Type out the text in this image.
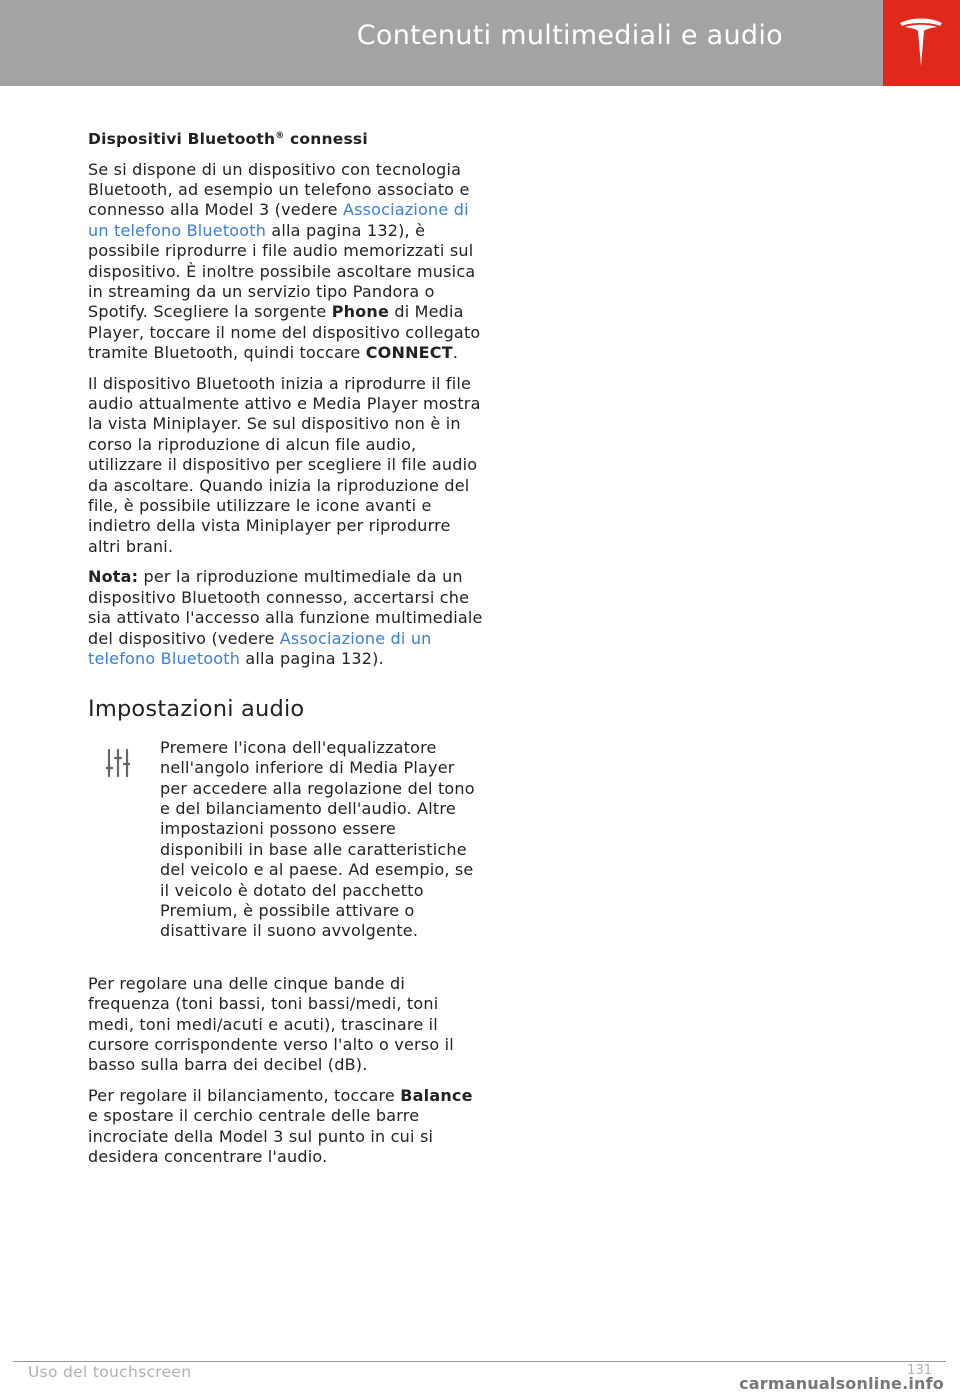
Contenuti multimediali e audio

Dispositivi Bluetooth® connessi

Se si dispone di un dispositivo con tecnologia Bluetooth, ad esempio un telefono associato e connesso alla Model 3 (vedere Associazione di un telefono Bluetooth alla pagina 132), è possibile riprodurre i file audio memorizzati sul dispositivo. È inoltre possibile ascoltare musica in streaming da un servizio tipo Pandora o Spotify. Scegliere la sorgente Phone di Media Player, toccare il nome del dispositivo collegato tramite Bluetooth, quindi toccare CONNECT.

Il dispositivo Bluetooth inizia a riprodurre il file audio attualmente attivo e Media Player mostra la vista Miniplayer. Se sul dispositivo non è in corso la riproduzione di alcun file audio, utilizzare il dispositivo per scegliere il file audio da ascoltare. Quando inizia la riproduzione del file, è possibile utilizzare le icone avanti e indietro della vista Miniplayer per riprodurre altri brani.

Nota: per la riproduzione multimediale da un dispositivo Bluetooth connesso, accertarsi che sia attivato l'accesso alla funzione multimediale del dispositivo (vedere Associazione di un telefono Bluetooth alla pagina 132).

Impostazioni audio

Premere l'icona dell'equalizzatore nell'angolo inferiore di Media Player per accedere alla regolazione del tono e del bilanciamento dell'audio. Altre impostazioni possono essere disponibili in base alle caratteristiche del veicolo e al paese. Ad esempio, se il veicolo è dotato del pacchetto Premium, è possibile attivare o disattivare il suono avvolgente.

Per regolare una delle cinque bande di frequenza (toni bassi, toni bassi/medi, toni medi, toni medi/acuti e acuti), trascinare il cursore corrispondente verso l'alto o verso il basso sulla barra dei decibel (dB).

Per regolare il bilanciamento, toccare Balance e spostare il cerchio centrale delle barre incrociate della Model 3 sul punto in cui si desidera concentrare l'audio.

Uso del touchscreen	131
carmanualsonline.info
